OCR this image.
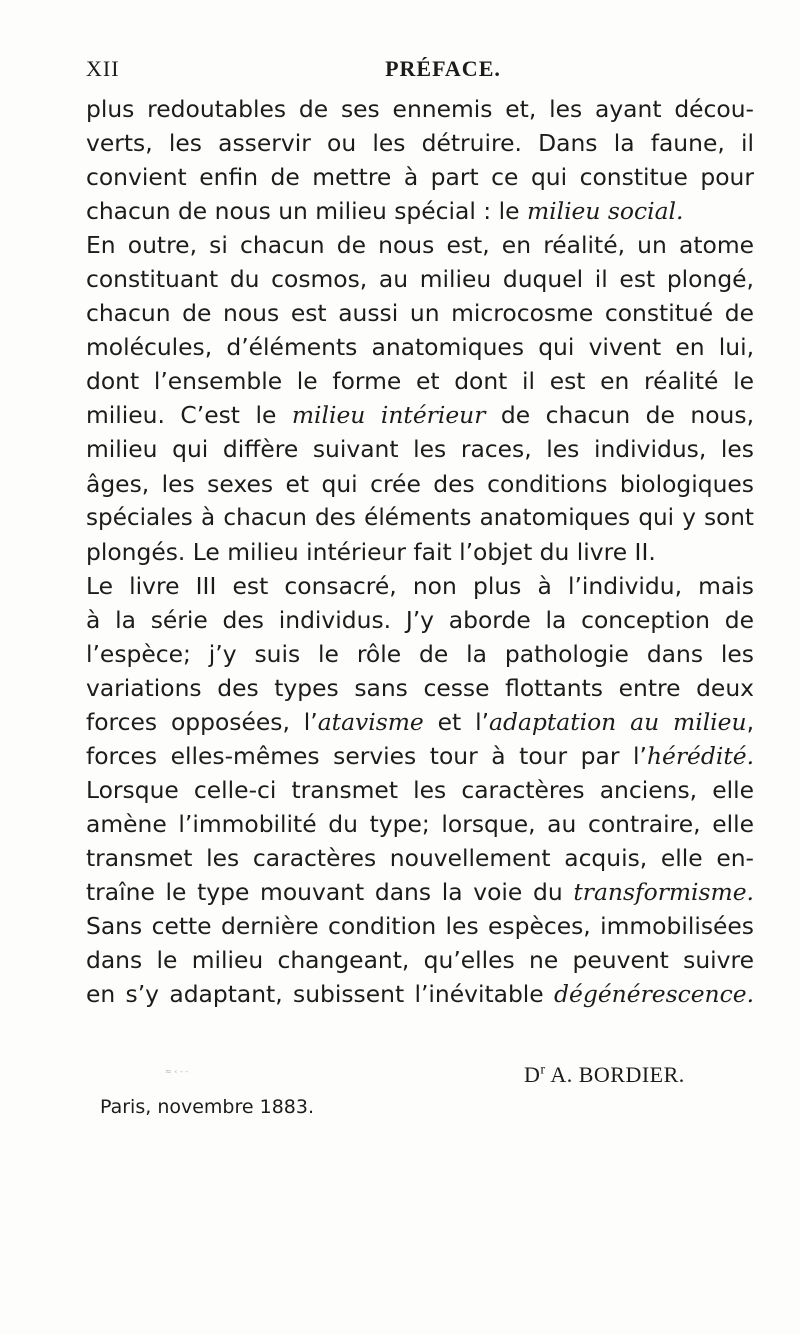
XII	PRÉFACE.
plus redoutables de ses ennemis et, les ayant décou-
verts, les asservir ou les détruire. Dans la faune, il
convient enfin de mettre à part ce qui constitue pour
chacun de nous un milieu spécial : le milieu social.
En outre, si chacun de nous est, en réalité, un atome
constituant du cosmos, au milieu duquel il est plongé,
chacun de nous est aussi un microcosme constitué de
molécules, d’éléments anatomiques qui vivent en lui,
dont l’ensemble le forme et dont il est en réalité le
milieu. C’est le milieu intérieur de chacun de nous,
milieu qui diffère suivant les races, les individus, les
âges, les sexes et qui crée des conditions biologiques
spéciales à chacun des éléments anatomiques qui y sont
plongés. Le milieu intérieur fait l’objet du livre II.
Le livre III est consacré, non plus à l’individu, mais
à la série des individus. J’y aborde la conception de
l’espèce; j’y suis le rôle de la pathologie dans les
variations des types sans cesse flottants entre deux
forces opposées, l’atavisme et l’adaptation au milieu,
forces elles-mêmes servies tour à tour par l’hérédité.
Lorsque celle-ci transmet les caractères anciens, elle
amène l’immobilité du type; lorsque, au contraire, elle
transmet les caractères nouvellement acquis, elle en-
traîne le type mouvant dans la voie du transformisme.
Sans cette dernière condition les espèces, immobilisées
dans le milieu changeant, qu’elles ne peuvent suivre
en s’y adaptant, subissent l’inévitable dégénérescence.
≈ ‹ ‐ ‐	$D^r$ A. BORDIER.
Paris, novembre 1883.
